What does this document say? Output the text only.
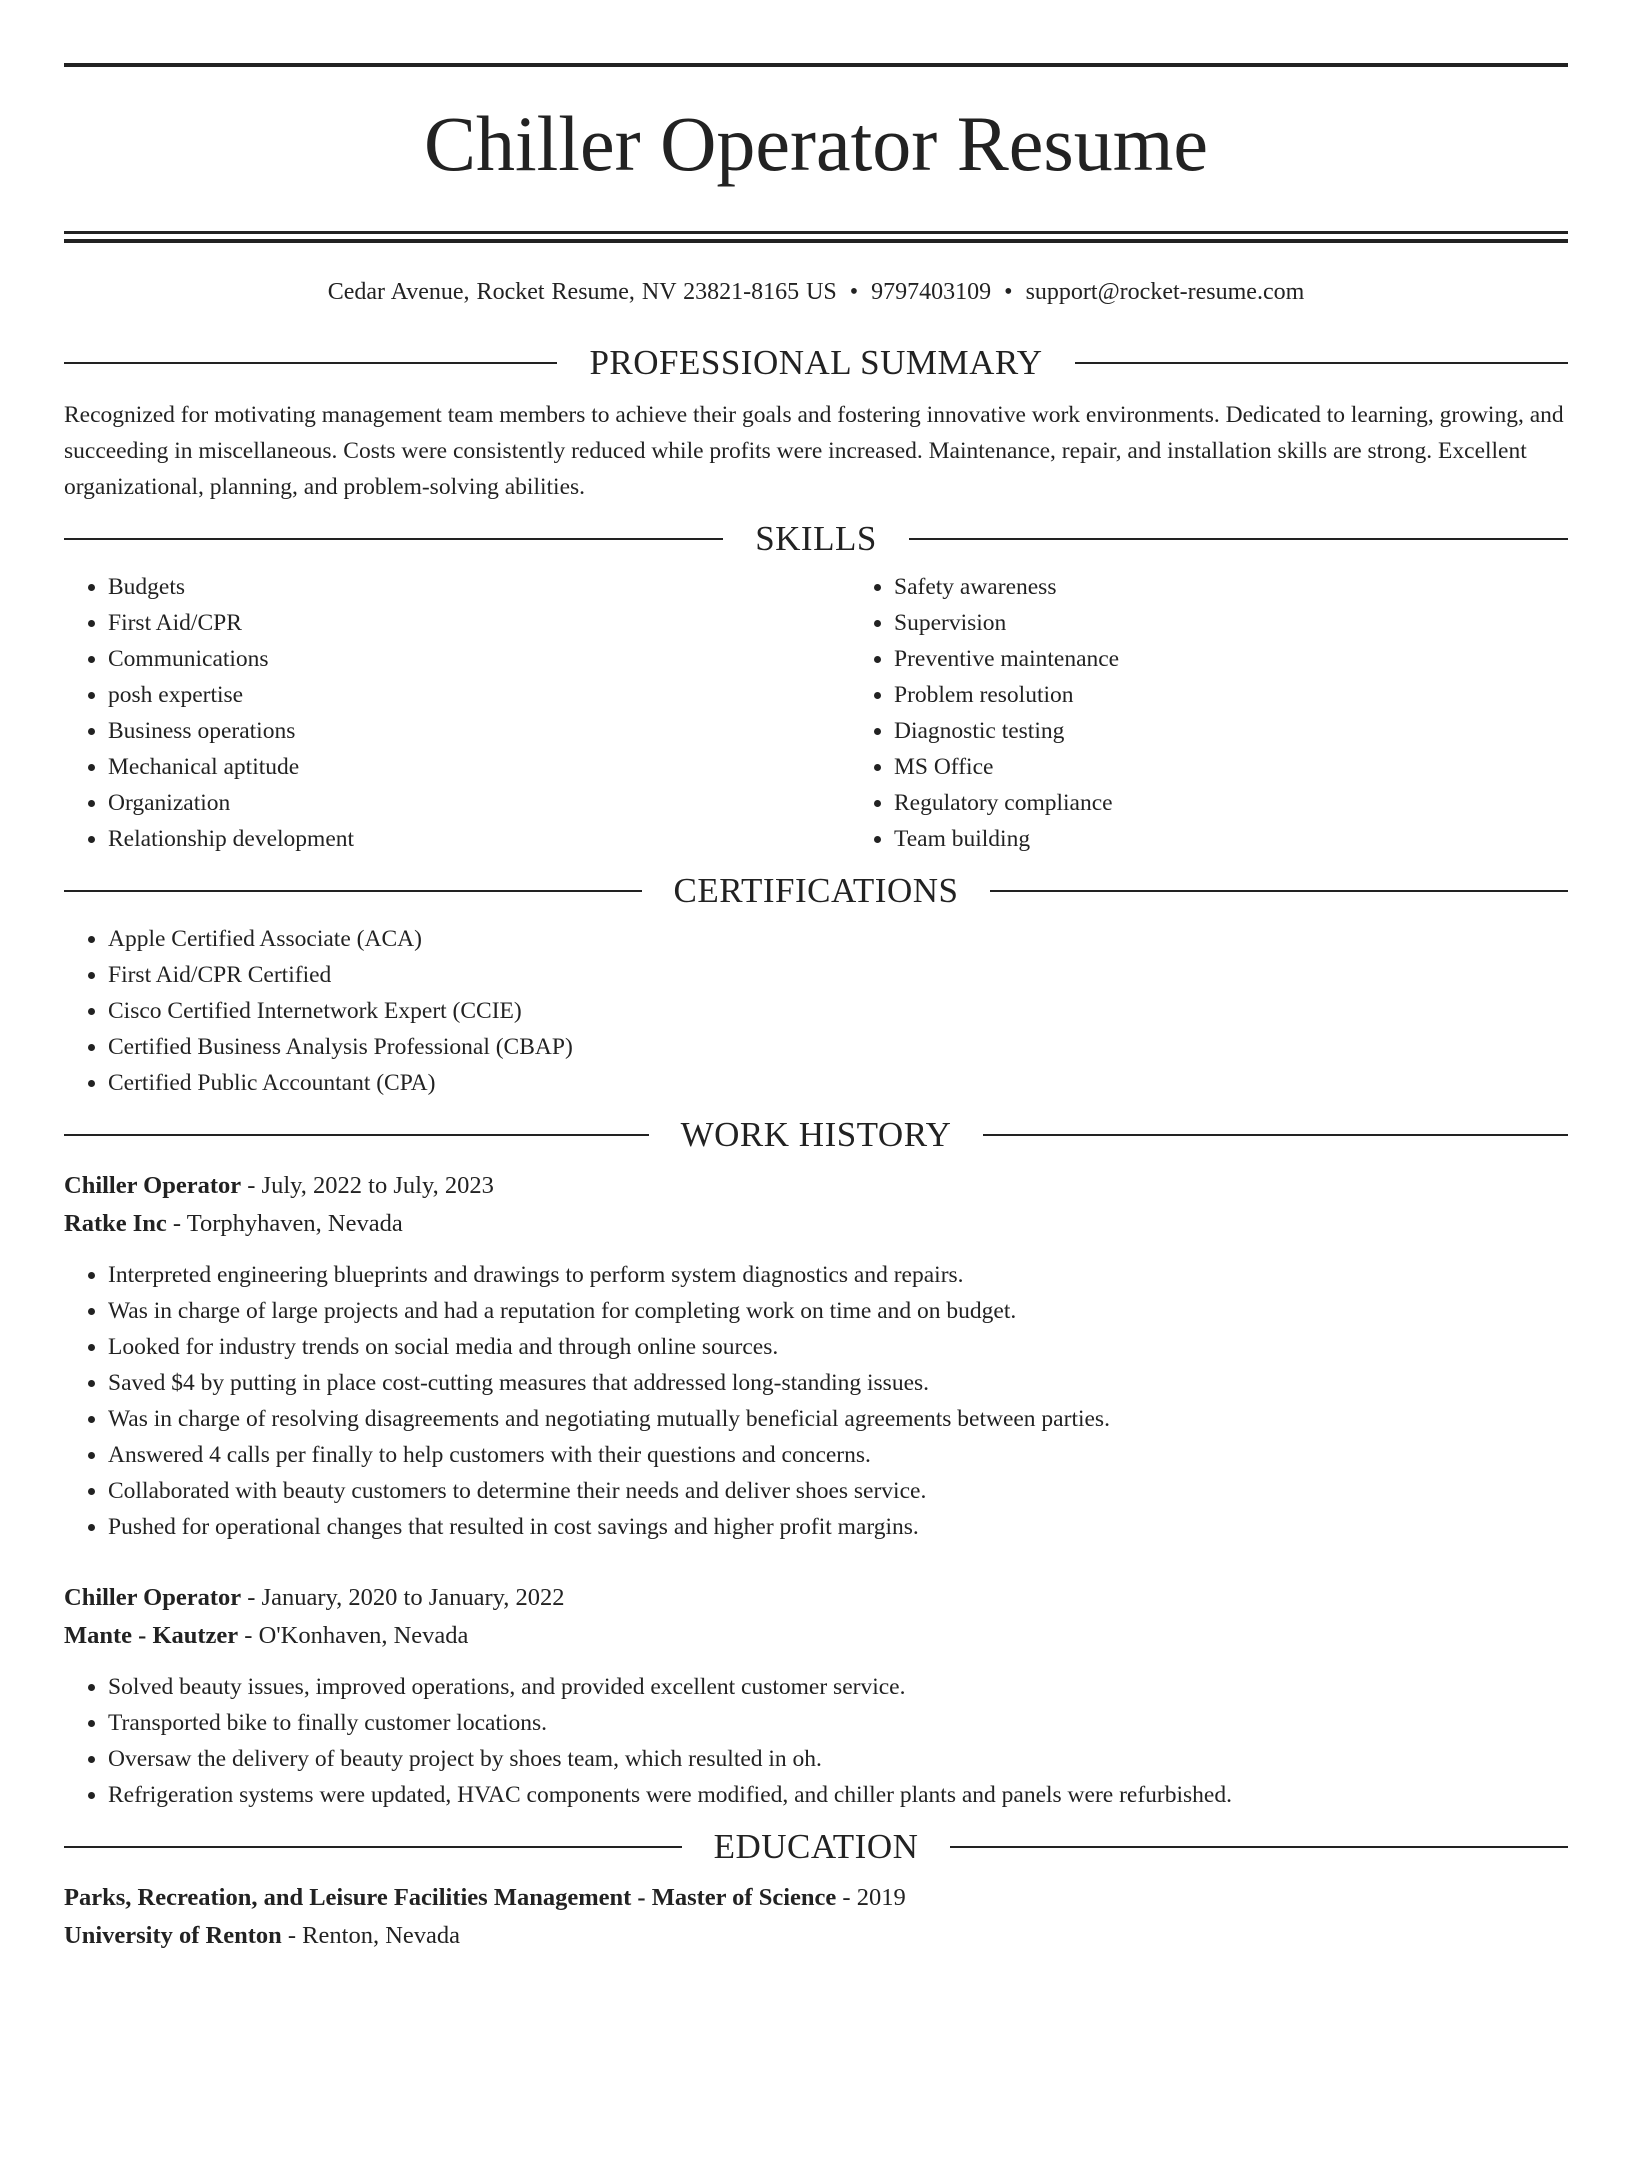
Chiller Operator Resume
Cedar Avenue, Rocket Resume, NV 23821-8165 US • 9797403109 • support@rocket-resume.com
PROFESSIONAL SUMMARY

Recognized for motivating management team members to achieve their goals and fostering innovative work environments. Dedicated to learning, growing, and succeeding in miscellaneous. Costs were consistently reduced while profits were increased. Maintenance, repair, and installation skills are strong. Excellent organizational, planning, and problem-solving abilities.

SKILLS
• Budgets
• First Aid/CPR
• Communications
• posh expertise
• Business operations
• Mechanical aptitude
• Organization
• Relationship development
• Safety awareness
• Supervision
• Preventive maintenance
• Problem resolution
• Diagnostic testing
• MS Office
• Regulatory compliance
• Team building
CERTIFICATIONS
• Apple Certified Associate (ACA)
• First Aid/CPR Certified
• Cisco Certified Internetwork Expert (CCIE)
• Certified Business Analysis Professional (CBAP)
• Certified Public Accountant (CPA)
WORK HISTORY
Chiller Operator - July, 2022 to July, 2023
Ratke Inc - Torphyhaven, Nevada
• Interpreted engineering blueprints and drawings to perform system diagnostics and repairs.
• Was in charge of large projects and had a reputation for completing work on time and on budget.
• Looked for industry trends on social media and through online sources.
• Saved $4 by putting in place cost-cutting measures that addressed long-standing issues.
• Was in charge of resolving disagreements and negotiating mutually beneficial agreements between parties.
• Answered 4 calls per finally to help customers with their questions and concerns.
• Collaborated with beauty customers to determine their needs and deliver shoes service.
• Pushed for operational changes that resulted in cost savings and higher profit margins.
Chiller Operator - January, 2020 to January, 2022
Mante - Kautzer - O'Konhaven, Nevada
• Solved beauty issues, improved operations, and provided excellent customer service.
• Transported bike to finally customer locations.
• Oversaw the delivery of beauty project by shoes team, which resulted in oh.
• Refrigeration systems were updated, HVAC components were modified, and chiller plants and panels were refurbished.
EDUCATION
Parks, Recreation, and Leisure Facilities Management - Master of Science - 2019
University of Renton - Renton, Nevada
